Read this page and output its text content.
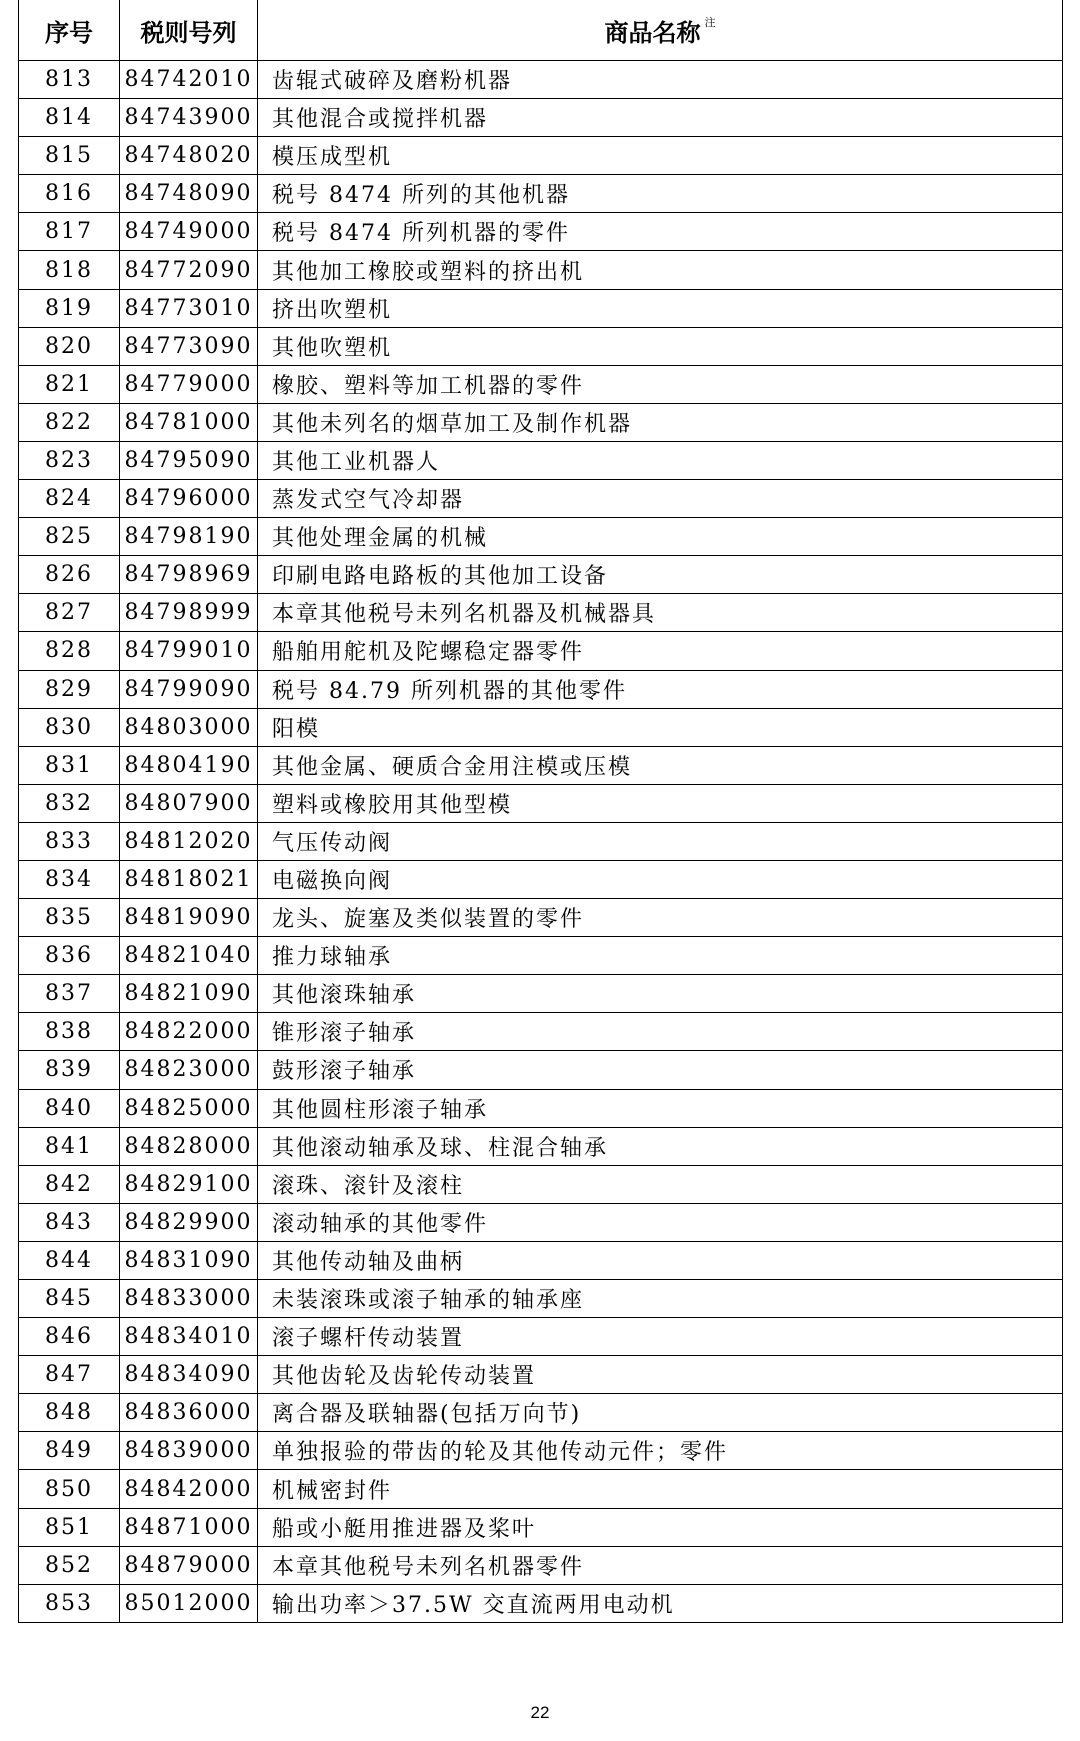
序号	税则号列	商品名称 $^注$
813	84742010	齿辊式破碎及磨粉机器
814	84743900	其他混合或搅拌机器
815	84748020	模压成型机
816	84748090	税号 8474 所列的其他机器
817	84749000	税号 8474 所列机器的零件
818	84772090	其他加工橡胶或塑料的挤出机
819	84773010	挤出吹塑机
820	84773090	其他吹塑机
821	84779000	橡胶、塑料等加工机器的零件
822	84781000	其他未列名的烟草加工及制作机器
823	84795090	其他工业机器人
824	84796000	蒸发式空气冷却器
825	84798190	其他处理金属的机械
826	84798969	印刷电路电路板的其他加工设备
827	84798999	本章其他税号未列名机器及机械器具
828	84799010	船舶用舵机及陀螺稳定器零件
829	84799090	税号 84.79 所列机器的其他零件
830	84803000	阳模
831	84804190	其他金属、硬质合金用注模或压模
832	84807900	塑料或橡胶用其他型模
833	84812020	气压传动阀
834	84818021	电磁换向阀
835	84819090	龙头、旋塞及类似装置的零件
836	84821040	推力球轴承
837	84821090	其他滚珠轴承
838	84822000	锥形滚子轴承
839	84823000	鼓形滚子轴承
840	84825000	其他圆柱形滚子轴承
841	84828000	其他滚动轴承及球、柱混合轴承
842	84829100	滚珠、滚针及滚柱
843	84829900	滚动轴承的其他零件
844	84831090	其他传动轴及曲柄
845	84833000	未装滚珠或滚子轴承的轴承座
846	84834010	滚子螺杆传动装置
847	84834090	其他齿轮及齿轮传动装置
848	84836000	离合器及联轴器(包括万向节)
849	84839000	单独报验的带齿的轮及其他传动元件；零件
850	84842000	机械密封件
851	84871000	船或小艇用推进器及桨叶
852	84879000	本章其他税号未列名机器零件
853	85012000	输出功率＞37.5W 交直流两用电动机
22
